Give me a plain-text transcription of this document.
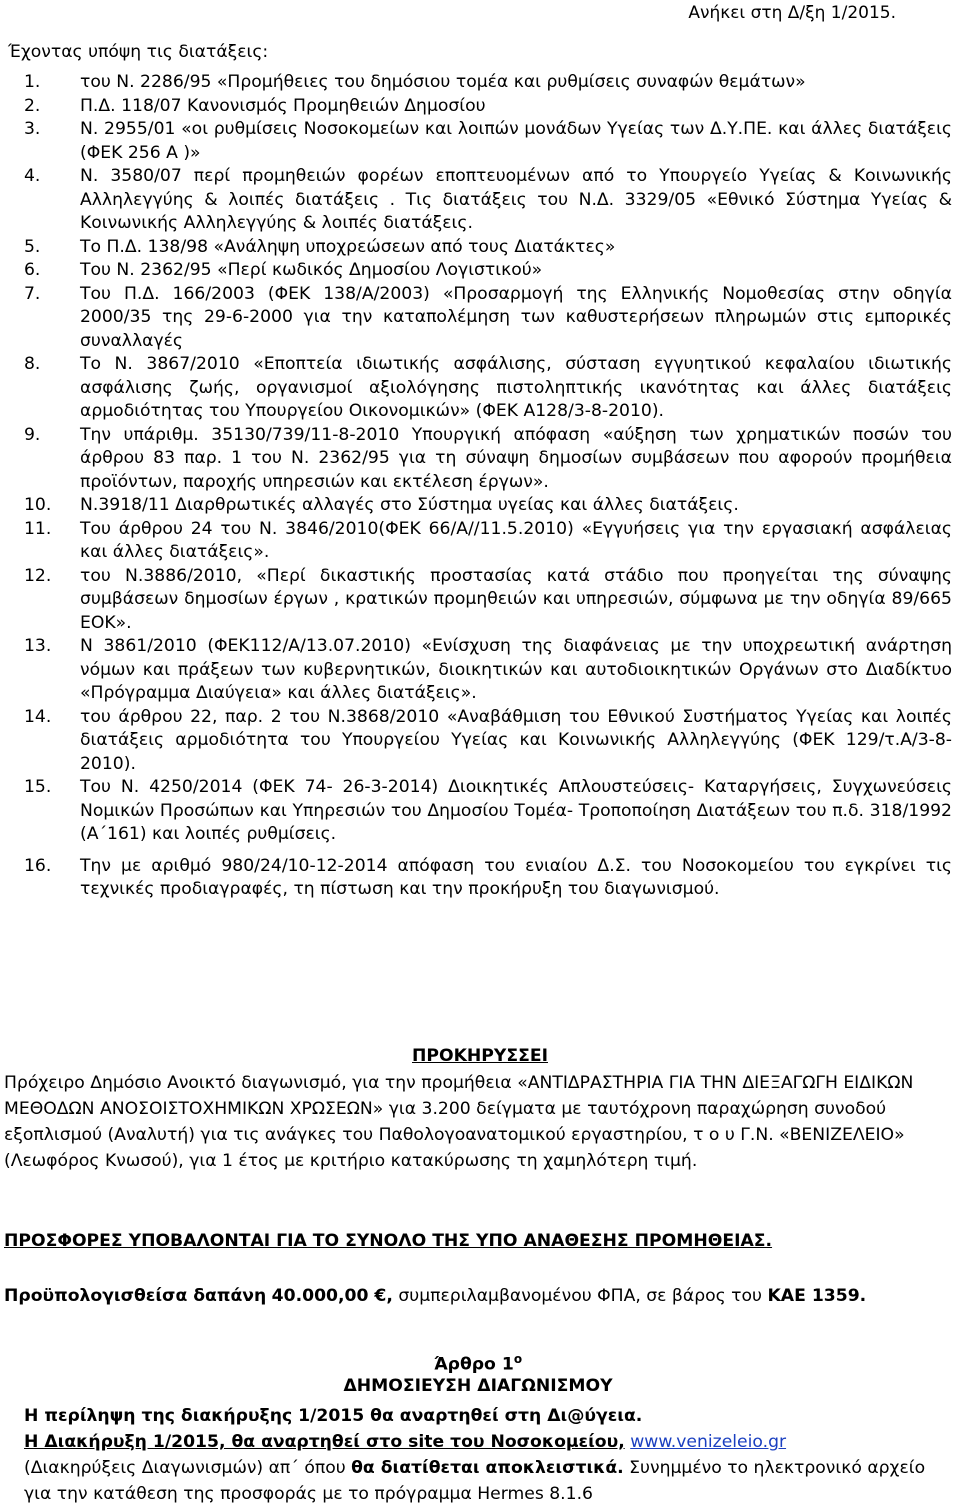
Ανήκει στη Δ/ξη 1/2015.
Έχοντας υπόψη τις διατάξεις:
1.	του Ν. 2286/95 «Προμήθειες του δημόσιου τομέα και ρυθμίσεις συναφών θεμάτων»
2.	Π.Δ. 118/07 Κανονισμός Προμηθειών Δημοσίου
3.	Ν. 2955/01 «οι ρυθμίσεις Νοσοκομείων και λοιπών μονάδων Υγείας των Δ.Υ.ΠΕ. και άλλες διατάξεις (ΦΕΚ 256 A )»
4.	Ν. 3580/07 περί προμηθειών φορέων εποπτευομένων από το Υπουργείο Υγείας & Κοινωνικής Αλληλεγγύης & λοιπές διατάξεις . Τις διατάξεις του Ν.Δ. 3329/05 «Εθνικό Σύστημα Υγείας & Κοινωνικής Αλληλεγγύης & λοιπές διατάξεις.
5.	Το Π.Δ. 138/98 «Ανάληψη υποχρεώσεων από τους Διατάκτες»
6.	Του Ν. 2362/95 «Περί κωδικός Δημοσίου Λογιστικού»
7.	Του Π.Δ. 166/2003 (ΦΕΚ 138/Α/2003) «Προσαρμογή της Ελληνικής Νομοθεσίας στην οδηγία 2000/35 της 29-6-2000 για την καταπολέμηση των καθυστερήσεων πληρωμών στις εμπορικές συναλλαγές
8.	Το Ν. 3867/2010 «Εποπτεία ιδιωτικής ασφάλισης, σύσταση εγγυητικού κεφαλαίου ιδιωτικής ασφάλισης ζωής, οργανισμοί αξιολόγησης πιστοληπτικής ικανότητας και άλλες διατάξεις αρμοδιότητας του Υπουργείου Οικονομικών» (ΦΕΚ Α128/3-8-2010).
9.	Την υπάριθμ. 35130/739/11-8-2010 Υπουργική απόφαση «αύξηση των χρηματικών ποσών του άρθρου 83 παρ. 1 του Ν. 2362/95 για τη σύναψη δημοσίων συμβάσεων που αφορούν προμήθεια προϊόντων, παροχής υπηρεσιών και εκτέλεση έργων».
10.	Ν.3918/11 Διαρθρωτικές αλλαγές στο Σύστημα υγείας και άλλες διατάξεις.
11.	Του άρθρου 24 του Ν. 3846/2010(ΦΕΚ 66/Α//11.5.2010) «Εγγυήσεις για την εργασιακή ασφάλειας και άλλες διατάξεις».
12.	του Ν.3886/2010, «Περί δικαστικής προστασίας κατά στάδιο που προηγείται της σύναψης συμβάσεων δημοσίων έργων , κρατικών προμηθειών και υπηρεσιών, σύμφωνα με την οδηγία 89/665 ΕΟΚ».
13.	Ν 3861/2010 (ΦΕΚ112/Α/13.07.2010) «Ενίσχυση της διαφάνειας με την υποχρεωτική ανάρτηση νόμων και πράξεων των κυβερνητικών, διοικητικών και αυτοδιοικητικών Οργάνων στο Διαδίκτυο «Πρόγραμμα Διαύγεια» και άλλες διατάξεις».
14.	του άρθρου 22, παρ. 2 του Ν.3868/2010 «Αναβάθμιση του Εθνικού Συστήματος Υγείας και λοιπές διατάξεις αρμοδιότητα του Υπουργείου Υγείας και Κοινωνικής Αλληλεγγύης (ΦΕΚ 129/τ.Α/3-8-2010).
15.	Του Ν. 4250/2014 (ΦΕΚ 74- 26-3-2014) Διοικητικές Απλουστεύσεις- Καταργήσεις, Συγχωνεύσεις Νομικών Προσώπων και Υπηρεσιών του Δημοσίου Τομέα- Τροποποίηση Διατάξεων του π.δ. 318/1992 (Α΄161) και λοιπές ρυθμίσεις.
16.	Την με αριθμό 980/24/10-12-2014 απόφαση του ενιαίου Δ.Σ. του Νοσοκομείου του εγκρίνει τις τεχνικές προδιαγραφές, τη πίστωση και την προκήρυξη του διαγωνισμού.
ΠΡΟΚΗΡΥΣΣΕΙ
Πρόχειρο Δημόσιο Ανοικτό διαγωνισμό, για την προμήθεια «ΑΝΤΙΔΡΑΣΤΗΡΙΑ ΓΙΑ ΤΗΝ ΔΙΕΞΑΓΩΓΗ ΕΙΔΙΚΩΝ ΜΕΘΟΔΩΝ ΑΝΟΣΟΙΣΤΟΧΗΜΙΚΩΝ ΧΡΩΣΕΩΝ» για 3.200 δείγματα με ταυτόχρονη παραχώρηση συνοδού εξοπλισμού (Αναλυτή) για τις ανάγκες του Παθολογοανατομικού εργαστηρίου, τ ο υ Γ.Ν. «ΒΕΝΙΖΕΛΕΙΟ» (Λεωφόρος Κνωσού), για 1 έτος με κριτήριο κατακύρωσης τη χαμηλότερη τιμή.
ΠΡΟΣΦΟΡΕΣ ΥΠΟΒΑΛΟΝΤΑΙ ΓΙΑ ΤΟ ΣΥΝΟΛΟ ΤΗΣ ΥΠΟ ΑΝΑΘΕΣΗΣ ΠΡΟΜΗΘΕΙΑΣ.
Προϋπολογισθείσα δαπάνη 40.000,00 €, συμπεριλαμβανομένου ΦΠΑ, σε βάρος του ΚΑΕ 1359.
Άρθρο $1^o$
ΔΗΜΟΣΙΕΥΣΗ ΔΙΑΓΩΝΙΣΜΟΥ
Η περίληψη της διακήρυξης 1/2015 θα αναρτηθεί στη Δι@ύγεια.
Η Διακήρυξη 1/2015, θα αναρτηθεί στο site του Νοσοκομείου, www.venizeleio.gr
(Διακηρύξεις Διαγωνισμών) απ΄ όπου θα διατίθεται αποκλειστικά. Συνημμένο το ηλεκτρονικό αρχείο για την κατάθεση της προσφοράς με το πρόγραμμα Hermes 8.1.6
